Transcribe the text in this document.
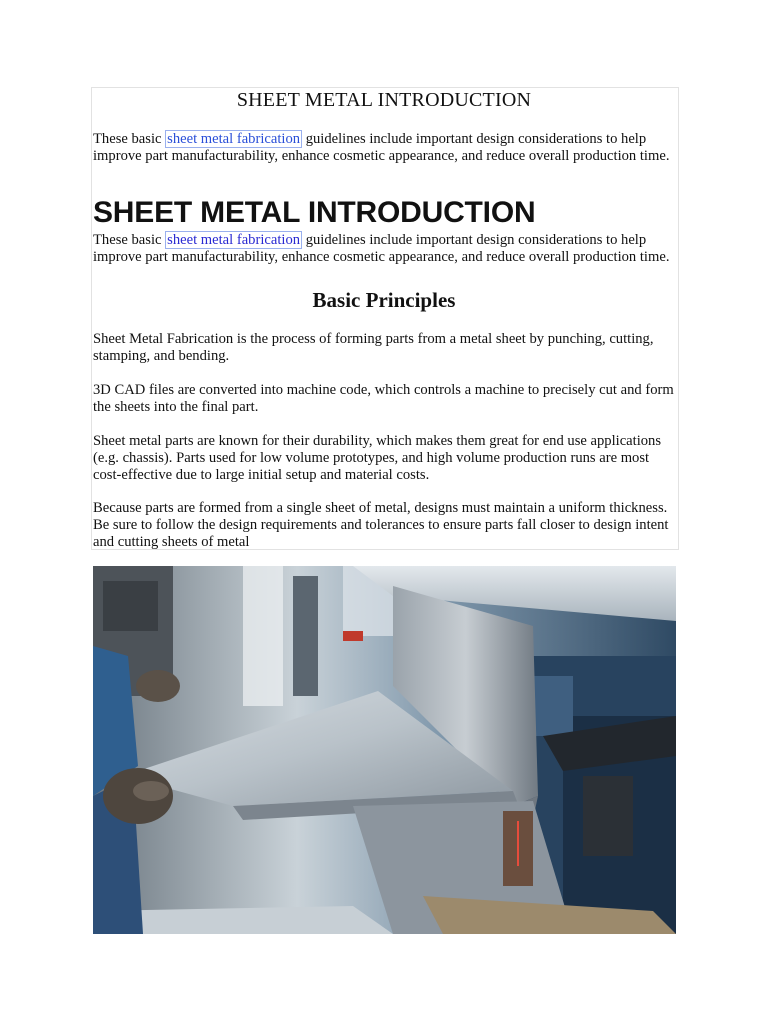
SHEET METAL INTRODUCTION

These basic sheet metal fabrication guidelines include important design considerations to help improve part manufacturability, enhance cosmetic appearance, and reduce overall production time.

SHEET METAL INTRODUCTION

These basic sheet metal fabrication guidelines include important design considerations to help improve part manufacturability, enhance cosmetic appearance, and reduce overall production time.

Basic Principles

Sheet Metal Fabrication is the process of forming parts from a metal sheet by punching, cutting, stamping, and bending.

3D CAD files are converted into machine code, which controls a machine to precisely cut and form the sheets into the final part.

Sheet metal parts are known for their durability, which makes them great for end use applications (e.g. chassis). Parts used for low volume prototypes, and high volume production runs are most cost-effective due to large initial setup and material costs.

Because parts are formed from a single sheet of metal, designs must maintain a uniform thickness. Be sure to follow the design requirements and tolerances to ensure parts fall closer to design intent and cutting sheets of metal
